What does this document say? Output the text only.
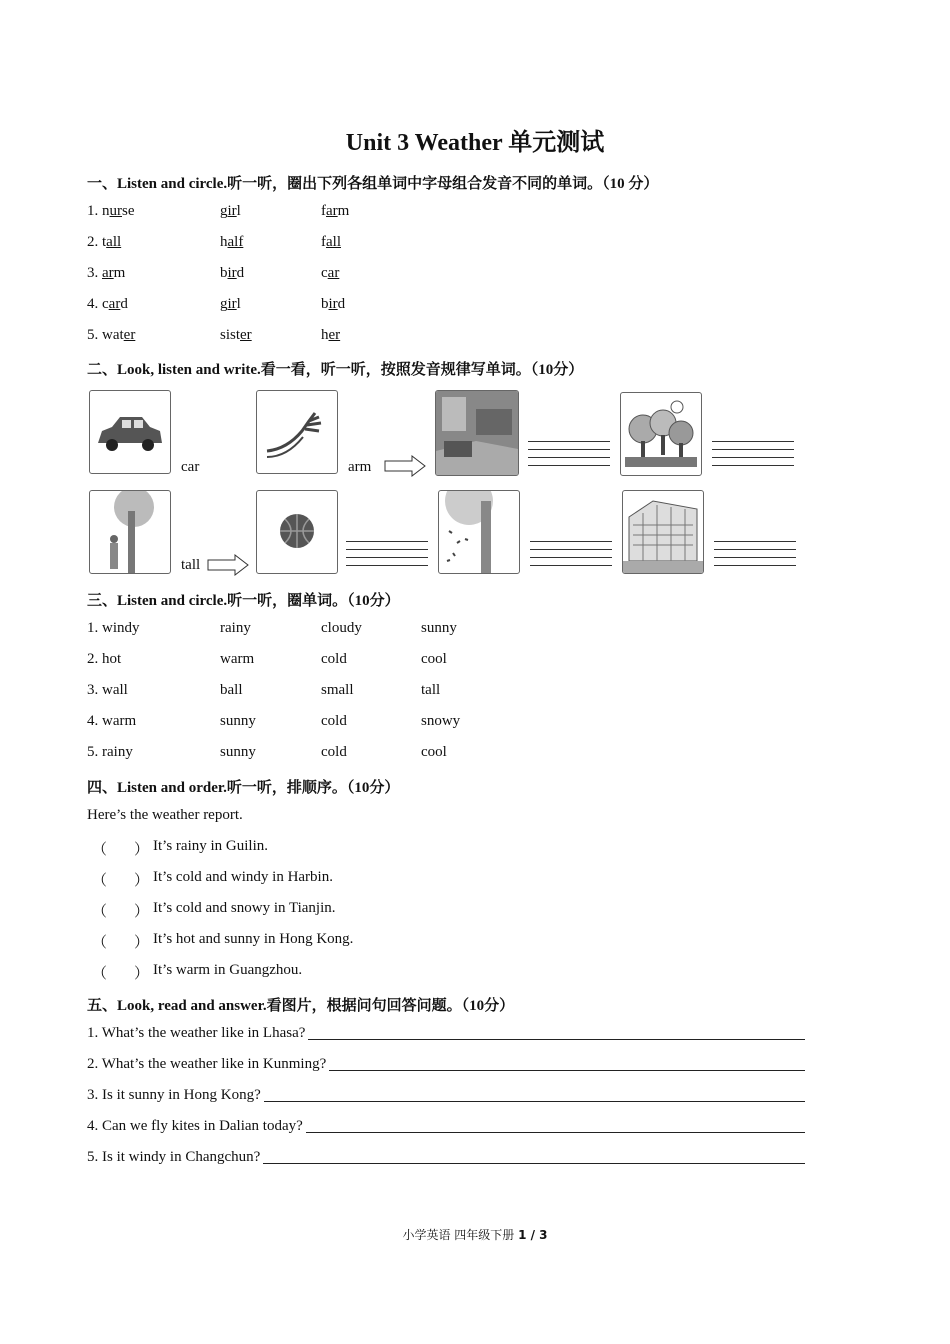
Unit 3 Weather 单元测试
一、Listen and circle.听一听，圈出下列各组单词中字母组合发音不同的单词。（10 分）
1. nurse	girl	farm
2. tall	half	fall
3. arm	bird	car
4. card	girl	bird
5. water	sister	her
二、Look, listen and write.看一看，听一听，按照发音规律写单词。（10分）
car	arm
tall
三、Listen and circle.听一听，圈单词。（10分）
1. windy	rainy	cloudy	sunny
2. hot	warm	cold	cool
3. wall	ball	small	tall
4. warm	sunny	cold	snowy
5. rainy	sunny	cold	cool
四、Listen and order.听一听，排顺序。（10分）
Here’s the weather report.
（ ） It’s rainy in Guilin.
（ ） It’s cold and windy in Harbin.
（ ） It’s cold and snowy in Tianjin.
（ ） It’s hot and sunny in Hong Kong.
（ ） It’s warm in Guangzhou.
五、Look, read and answer.看图片，根据问句回答问题。（10分）
1. What’s the weather like in Lhasa?
2. What’s the weather like in Kunming?
3. Is it sunny in Hong Kong?
4. Can we fly kites in Dalian today?
5. Is it windy in Changchun?
小学英语 四年级下册 1 / 3
